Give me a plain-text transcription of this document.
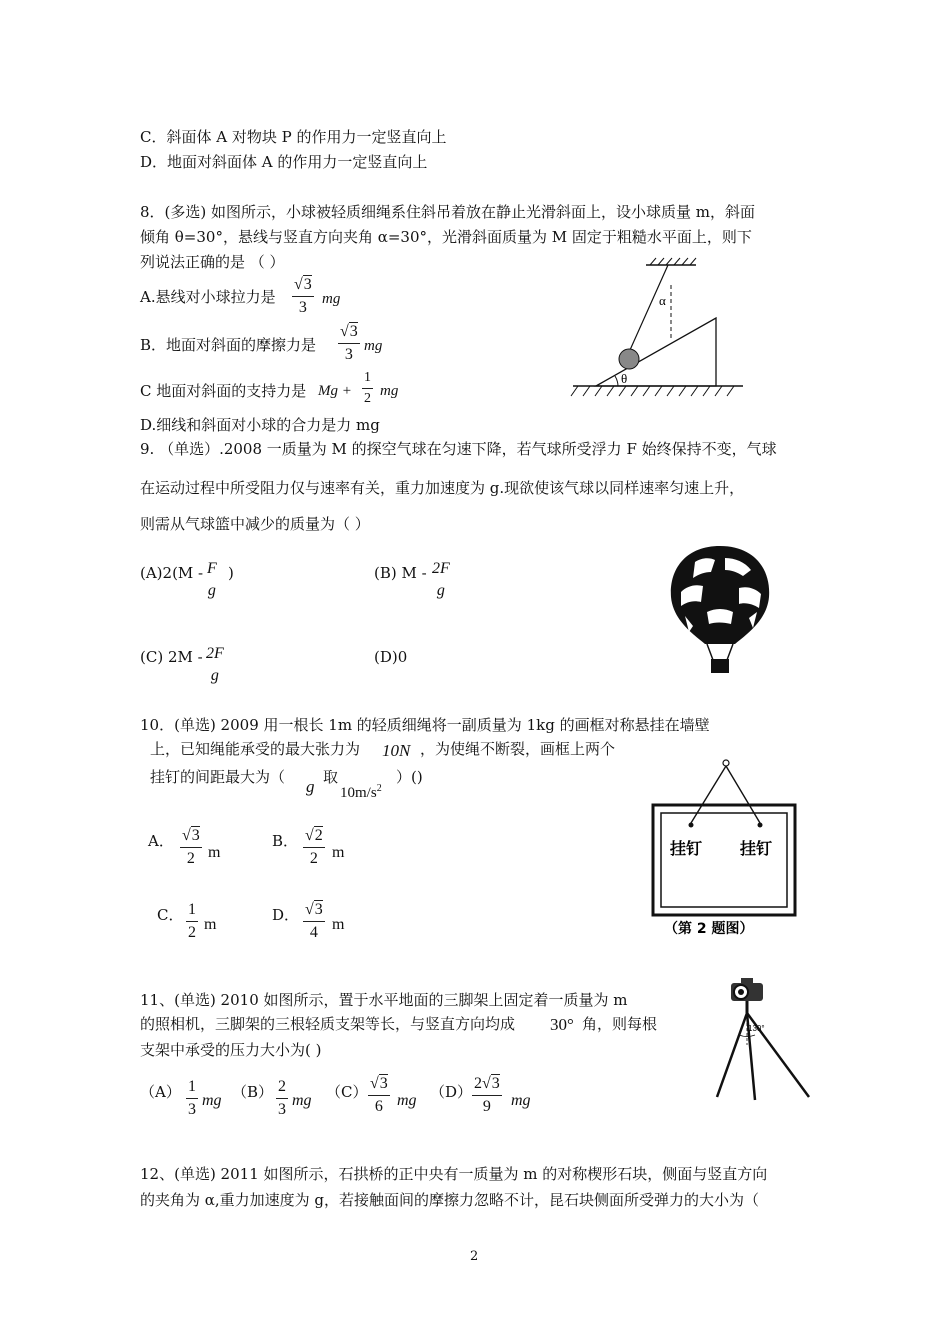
C．斜面体 A 对物块 P 的作用力一定竖直向上
D．地面对斜面体 A 的作用力一定竖直向上
8．(多选) 如图所示，小球被轻质细绳系住斜吊着放在静止光滑斜面上，设小球质量 m，斜面
倾角 θ=30°，悬线与竖直方向夹角 α=30°，光滑斜面质量为 M 固定于粗糙水平面上，则下
列说法正确的是 （ ）
A.悬线对小球拉力是 $\frac{√3}{3}$ mg
B．地面对斜面的摩擦力是 $\frac{√3}{3}$ mg
C 地面对斜面的支持力是 $Mg + \frac{1}{2}$ mg
D.细线和斜面对小球的合力是力 mg
α
θ
9. （单选）.2008 一质量为 M 的探空气球在匀速下降，若气球所受浮力 F 始终保持不变，气球
在运动过程中所受阻力仅与速率有关，重力加速度为 g.现欲使该气球以同样速率匀速上升，
则需从气球篮中减少的质量为（ ）
(A)2(M - F
g
)	(B) M - 2F
g
(C) 2M - 2F
g
(D)0
10．(单选) 2009 用一根长 1m 的轻质细绳将一副质量为 1kg 的画框对称悬挂在墙壁
上，已知绳能承受的最大张力为 10N ，为使绳不断裂，画框上两个
挂钉的间距最大为（ g 取
$10m/s^2$
）()
A． $\frac{√3}{2}$ m
B． $\frac{√2}{2}$ m
C． $\frac{1}{2}$ m
D． $\frac{√3}{4}$ m
挂钉 挂钉
（第 2 题图）
11、(单选) 2010 如图所示，置于水平地面的三脚架上固定着一质量为 m
的照相机，三脚架的三根轻质支架等长，与竖直方向均成 30° 角，则每根
支架中承受的压力大小为( )
$(A) \frac{1}{3}$ mg $(B) \frac{2}{3}$ mg $(C) \frac{√3}{6}$ mg $(D) \frac{2√3}{9}$ mg
130°
12、(单选) 2011 如图所示，石拱桥的正中央有一质量为 m 的对称楔形石块，侧面与竖直方向
的夹角为 α,重力加速度为 g，若接触面间的摩擦力忽略不计，昆石块侧面所受弹力的大小为（
2
